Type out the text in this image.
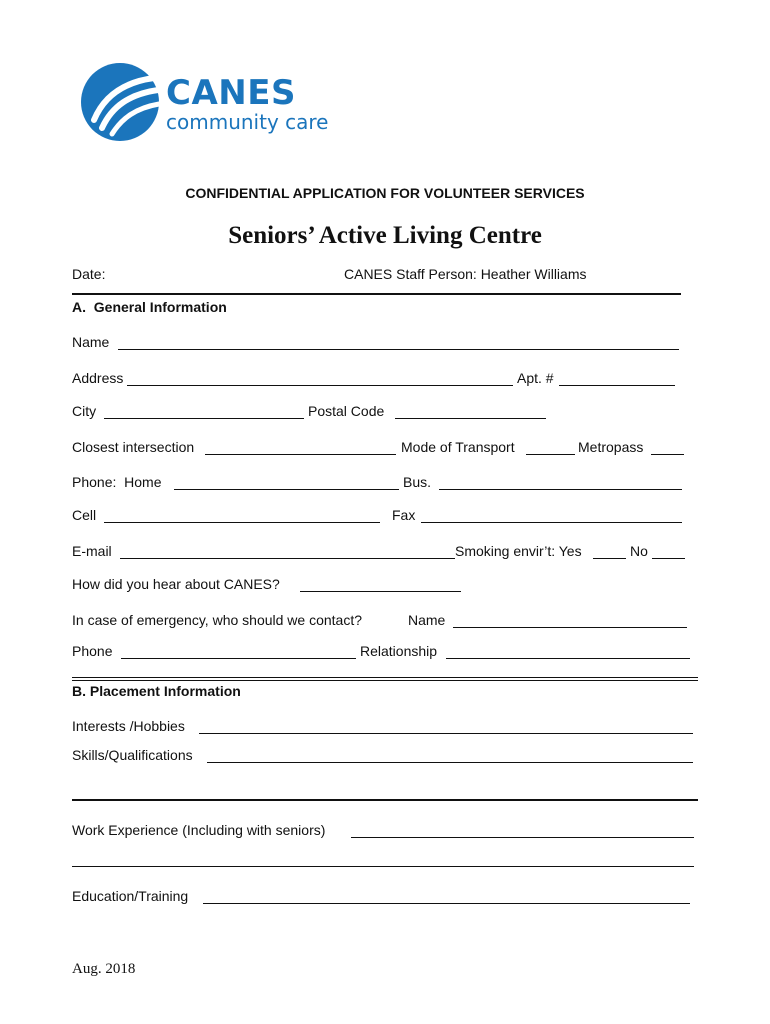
CANES
community care
CONFIDENTIAL APPLICATION FOR VOLUNTEER SERVICES
Seniors’ Active Living Centre
Date:	CANES Staff Person: Heather Williams
A.  General Information
Name
Address	Apt. #
City	Postal Code
Closest intersection	Mode of Transport	Metropass
Phone:  Home	Bus.
Cell	Fax
E-mail	Smoking envir’t: Yes	No
How did you hear about CANES?
In case of emergency, who should we contact?	Name
Phone	Relationship
B. Placement Information
Interests /Hobbies
Skills/Qualifications
Work Experience (Including with seniors)
Education/Training
Aug. 2018
